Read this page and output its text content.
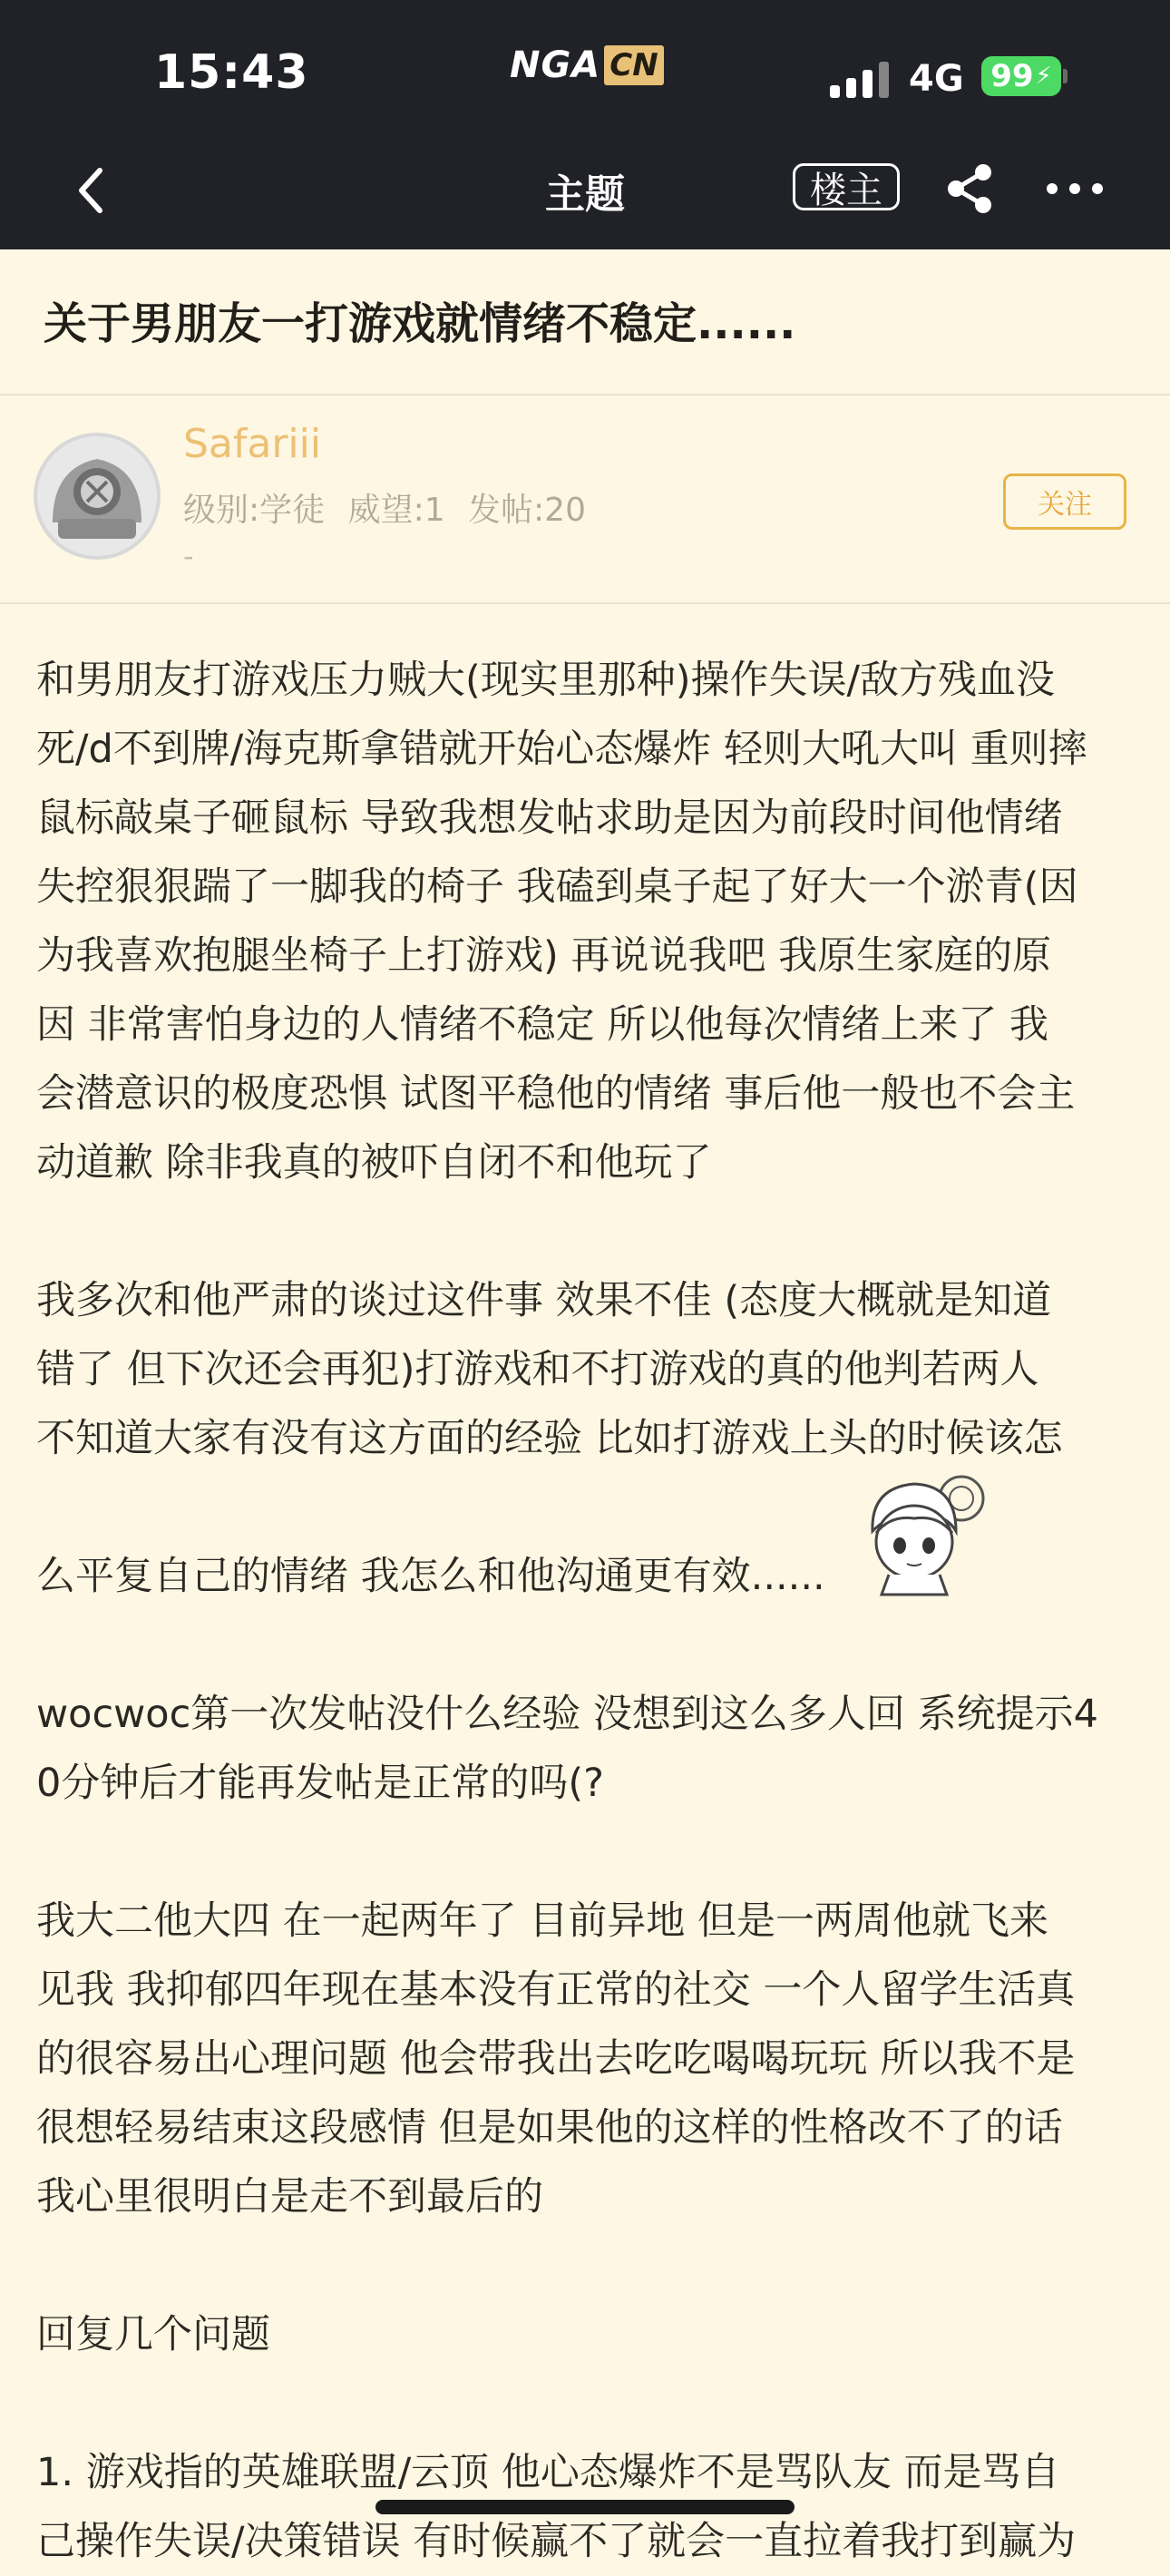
15:43	NGA CN	4G 99 ⚡
主题	楼主
关于男朋友一打游戏就情绪不稳定......
Safariii
级别:学徒 威望:1 发帖:20
-
关注
和男朋友打游戏压力贼大(现实里那种)操作失误/敌方残血没
死/d不到牌/海克斯拿错就开始心态爆炸 轻则大吼大叫 重则摔
鼠标敲桌子砸鼠标 导致我想发帖求助是因为前段时间他情绪
失控狠狠踹了一脚我的椅子 我磕到桌子起了好大一个淤青(因
为我喜欢抱腿坐椅子上打游戏) 再说说我吧 我原生家庭的原
因 非常害怕身边的人情绪不稳定 所以他每次情绪上来了 我
会潜意识的极度恐惧 试图平稳他的情绪 事后他一般也不会主
动道歉 除非我真的被吓自闭不和他玩了
我多次和他严肃的谈过这件事 效果不佳 (态度大概就是知道
错了 但下次还会再犯)打游戏和不打游戏的真的他判若两人
不知道大家有没有这方面的经验 比如打游戏上头的时候该怎
么平复自己的情绪 我怎么和他沟通更有效......
wocwoc第一次发帖没什么经验 没想到这么多人回 系统提示4
0分钟后才能再发帖是正常的吗(?
我大二他大四 在一起两年了 目前异地 但是一两周他就飞来
见我 我抑郁四年现在基本没有正常的社交 一个人留学生活真
的很容易出心理问题 他会带我出去吃吃喝喝玩玩 所以我不是
很想轻易结束这段感情 但是如果他的这样的性格改不了的话
我心里很明白是走不到最后的
回复几个问题
1. 游戏指的英雄联盟/云顶 他心态爆炸不是骂队友 而是骂自
己操作失误/决策错误 有时候赢不了就会一直拉着我打到赢为
